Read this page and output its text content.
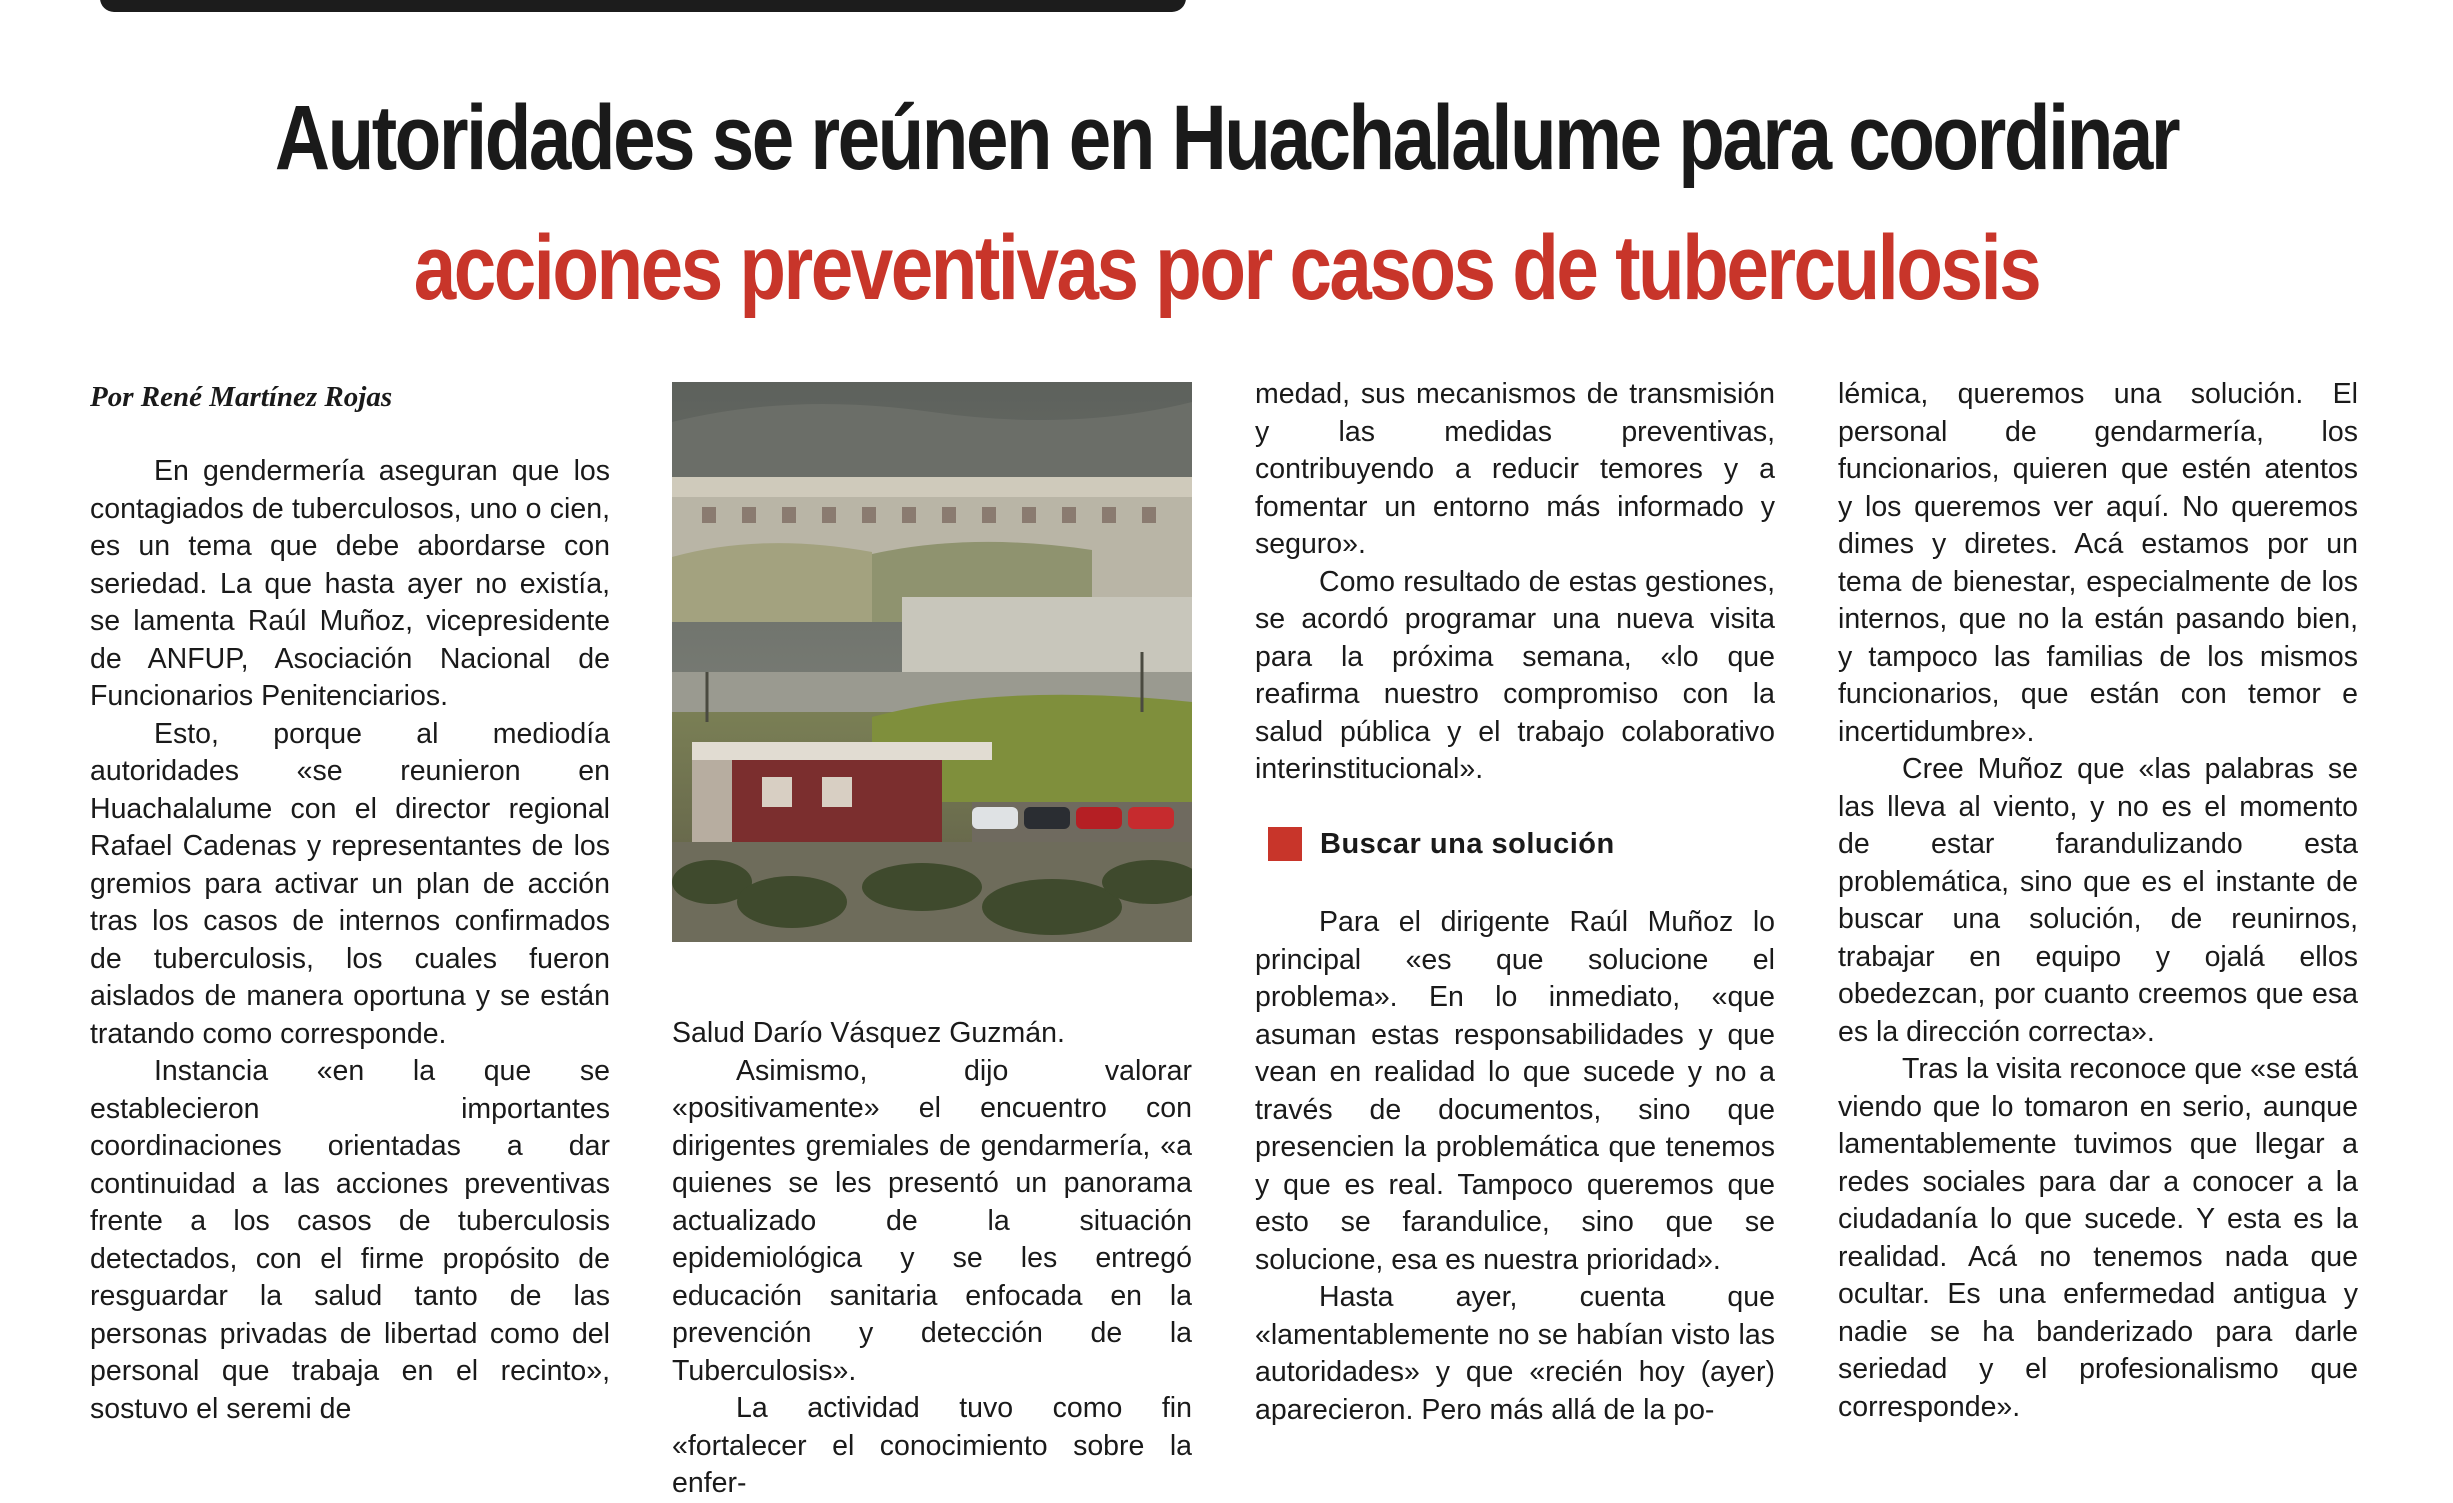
Autoridades se reúnen en Huachalalume para coordinar
acciones preventivas por casos de tuberculosis
Por René Martínez Rojas

En gendermería aseguran que los contagiados de tuberculosos, uno o cien, es un tema que debe abordarse con seriedad. La que hasta ayer no existía, se lamenta Raúl Muñoz, vicepresidente de ANFUP, Asociación Nacional de Funcionarios Penitenciarios.

Esto, porque al mediodía autoridades «se reunieron en Huachalalume con el director regional Rafael Cadenas y representantes de los gremios para activar un plan de acción tras los casos de internos confirmados de tuberculosis, los cuales fueron aislados de manera oportuna y se están tratando como corresponde.

Instancia «en la que se establecieron importantes coordinaciones orientadas a dar continuidad a las acciones preventivas frente a los casos de tuberculosis detectados, con el firme propósito de resguardar la salud tanto de las personas privadas de libertad como del personal que trabaja en el recinto», sostuvo el seremi de

Salud Darío Vásquez Guzmán.

Asimismo, dijo valorar «positivamente» el encuentro con dirigentes gremiales de gendarmería, «a quienes se les presentó un panorama actualizado de la situación epidemiológica y se les entregó educación sanitaria enfocada en la prevención y detección de la Tuberculosis».

La actividad tuvo como fin «fortalecer el conocimiento sobre la enfer-

medad, sus mecanismos de transmisión y las medidas preventivas, contribuyendo a reducir temores y a fomentar un entorno más informado y seguro».

Como resultado de estas gestiones, se acordó programar una nueva visita para la próxima semana, «lo que reafirma nuestro compromiso con la salud pública y el trabajo colaborativo interinstitucional».

Buscar una solución

Para el dirigente Raúl Muñoz lo principal «es que solucione el problema». En lo inmediato, «que asuman estas responsabilidades y que vean en realidad lo que sucede y no a través de documentos, sino que presencien la problemática que tenemos y que es real. Tampoco queremos que esto se farandulice, sino que se solucione, esa es nuestra prioridad».

Hasta ayer, cuenta que «lamentablemente no se habían visto las autoridades» y que «recién hoy (ayer) aparecieron. Pero más allá de la po-

lémica, queremos una solución. El personal de gendarmería, los funcionarios, quieren que estén atentos y los queremos ver aquí. No queremos dimes y diretes. Acá estamos por un tema de bienestar, especialmente de los internos, que no la están pasando bien, y tampoco las familias de los mismos funcionarios, que están con temor e incertidumbre».

Cree Muñoz que «las palabras se las lleva al viento, y no es el momento de estar farandulizando esta problemática, sino que es el instante de buscar una solución, de reunirnos, trabajar en equipo y ojalá ellos obedezcan, por cuanto creemos que esa es la dirección correcta».

Tras la visita reconoce que «se está viendo que lo tomaron en serio, aunque lamentablemente tuvimos que llegar a redes sociales para dar a conocer a la ciudadanía lo que sucede. Y esta es la realidad. Acá no tenemos nada que ocultar. Es una enfermedad antigua y nadie se ha banderizado para darle seriedad y el profesionalismo que corresponde».
